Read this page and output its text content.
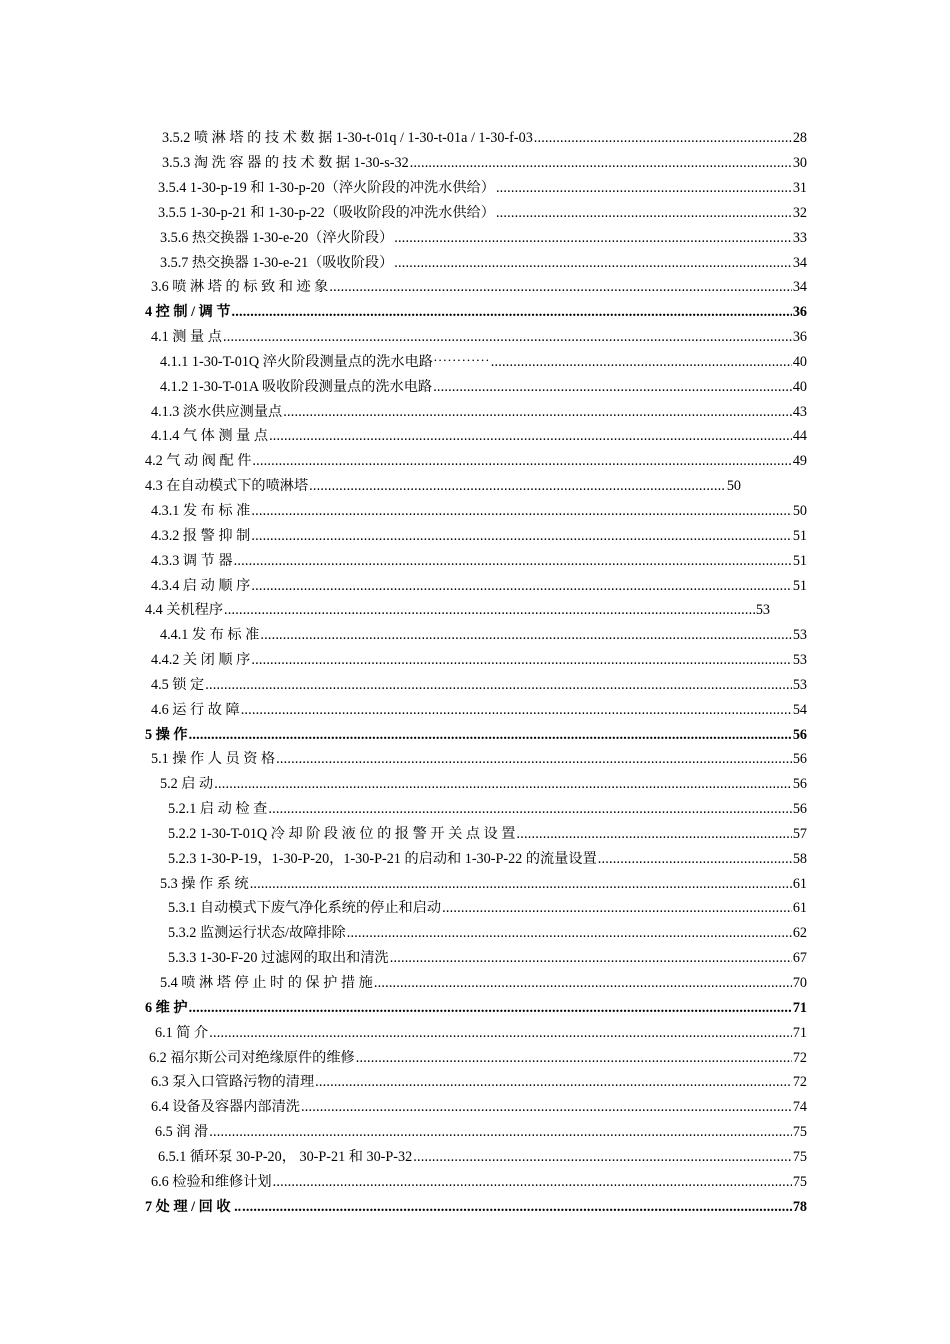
3.5.2 喷 淋 塔 的 技 术 数 据 1-30-t-01q / 1-30-t-01a / 1-30-f-03 .....	28
3.5.3 淘 洗 容 器 的 技 术 数 据 1-30-s-32 .....	30
3.5.4 1-30-p-19 和 1-30-p-20（淬火阶段的冲洗水供给） .....	31
3.5.5 1-30-p-21 和 1-30-p-22（吸收阶段的冲洗水供给） .....	32
3.5.6 热交换器 1-30-e-20（淬火阶段） .....	33
3.5.7 热交换器 1-30-e-21（吸收阶段） .....	34
3.6 喷 淋 塔 的 标 致 和 迹 象 .....	34
4 控 制 / 调 节 .....	36
4.1 测 量 点 .....	36
4.1.1 1-30-T-01Q 淬火阶段测量点的洗水电路⋯⋯⋯⋯ .....	40
4.1.2 1-30-T-01A 吸收阶段测量点的洗水电路 .....	40
4.1.3 淡水供应测量点 .....	43
4.1.4 气 体 测 量 点 .....	44
4.2 气 动 阀 配 件 .....	49
4.3 在自动模式下的喷淋塔 .....	50
4.3.1 发 布 标 准 .....	50
4.3.2 报 警 抑 制 .....	51
4.3.3 调 节 器 .....	51
4.3.4 启 动 顺 序 .....	51
4.4 关机程序 .....	53
4.4.1 发 布 标 准 .....	53
4.4.2 关 闭 顺 序 .....	53
4.5 锁 定 .....	53
4.6 运 行 故 障 .....	54
5 操 作 .....	56
5.1 操 作 人 员 资 格 .....	56
5.2 启 动 .....	56
5.2.1 启 动 检 查 .....	56
5.2.2 1-30-T-01Q 冷 却 阶 段 液 位 的 报 警 开 关 点 设 置 .....	57
5.2.3 1-30-P-19，1-30-P-20，1-30-P-21 的启动和 1-30-P-22 的流量设置 .....	58
5.3 操 作 系 统 .....	61
5.3.1 自动模式下废气净化系统的停止和启动 .....	61
5.3.2 监测运行状态/故障排除 .....	62
5.3.3 1-30-F-20 过滤网的取出和清洗 .....	67
5.4 喷 淋 塔 停 止 时 的 保 护 措 施 .....	70
6 维 护 .....	71
6.1 简 介 .....	71
6.2 福尔斯公司对绝缘原件的维修 .....	72
6.3 泵入口管路污物的清理 .....	72
6.4 设备及容器内部清洗 .....	74
6.5 润 滑 .....	75
6.5.1 循环泵 30-P-20， 30-P-21 和 30-P-32 .....	75
6.6 检验和维修计划 .....	75
7 处 理 / 回 收 .. .....	78
